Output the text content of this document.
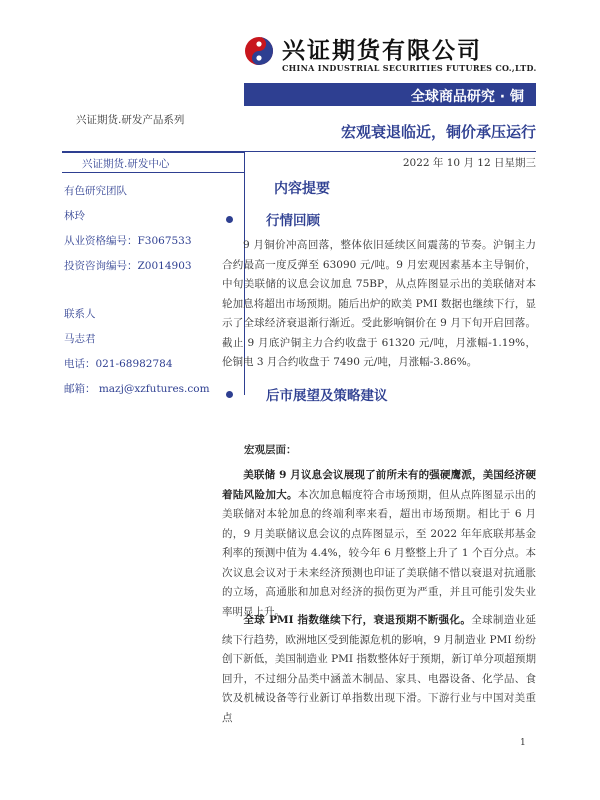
兴证期货有限公司
CHINA INDUSTRIAL SECURITIES FUTURES CO.,LTD.
全球商品研究 · 铜
兴证期货.研发产品系列
宏观衰退临近，铜价承压运行
兴证期货.研发中心	2022 年 10 月 12 日星期三
有色研究团队
林玲
从业资格编号：F3067533
投资咨询编号：Z0014903
联系人
马志君
电话：021-68982784
邮箱： mazj@xzfutures.com
内容提要
行情回顾

9 月铜价冲高回落，整体依旧延续区间震荡的节奏。沪铜主力合约最高一度反弹至 63090 元/吨。9 月宏观因素基本主导铜价，中旬美联储的议息会议加息 75BP，从点阵图显示出的美联储对本轮加息将超出市场预期。随后出炉的欧美 PMI 数据也继续下行，显示了全球经济衰退渐行渐近。受此影响铜价在 9 月下旬开启回落。截止 9 月底沪铜主力合约收盘于 61320 元/吨，月涨幅-1.19%，伦铜电 3 月合约收盘于 7490 元/吨，月涨幅-3.86%。

后市展望及策略建议
宏观层面：

美联储 9 月议息会议展现了前所未有的强硬鹰派，美国经济硬着陆风险加大。本次加息幅度符合市场预期，但从点阵图显示出的美联储对本轮加息的终端利率来看，超出市场预期。相比于 6 月的，9 月美联储议息会议的点阵图显示，至 2022 年年底联邦基金利率的预测中值为 4.4%，较今年 6 月整整上升了 1 个百分点。本次议息会议对于未来经济预测也印证了美联储不惜以衰退对抗通胀的立场，高通胀和加息对经济的损伤更为严重，并且可能引发失业率明显上升。

全球 PMI 指数继续下行，衰退预期不断强化。全球制造业延续下行趋势，欧洲地区受到能源危机的影响，9 月制造业 PMI 纷纷创下新低，美国制造业 PMI 指数整体好于预期，新订单分项超预期回升，不过细分品类中涵盖木制品、家具、电器设备、化学品、食饮及机械设备等行业新订单指数出现下滑。下游行业与中国对美重点

1
